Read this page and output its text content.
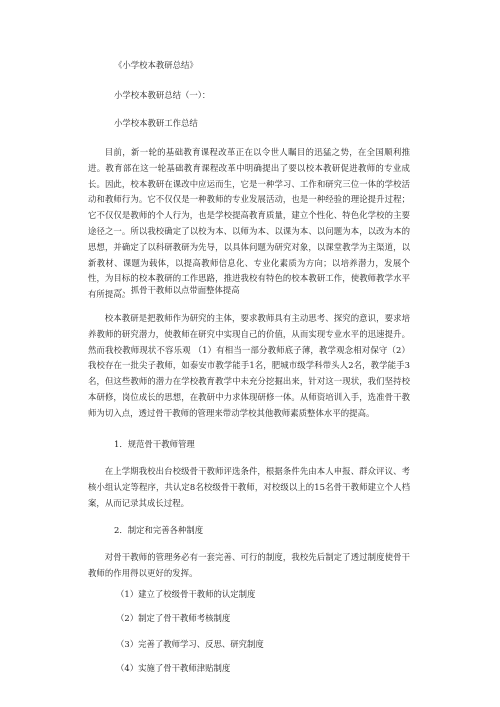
《小学校本教研总结》
小学校本教研总结（一）：
小学校本教研工作总结
目前，新一轮的基础教育课程改革正在以令世人瞩目的迅猛之势，在全国顺利推进。教育部在这一轮基础教育课程改革中明确提出了要以校本教研促进教师的专业成长。因此，校本教研在课改中应运而生，它是一种学习、工作和研究三位一体的学校活动和教师行为。它不仅仅是一种教师的专业发展活动，也是一种经验的理论提升过程；它不仅仅是教师的个人行为，也是学校提高教育质量，建立个性化、特色化学校的主要途径之一。所以我校确定了以校为本、以师为本、以课为本、以问题为本，以改为本的思想，并确定了以科研教研为先导，以具体问题为研究对象，以课堂教学为主渠道，以新教材、课题为载体，以提高教师信息化、专业化素质为方向；以培养潜力，发展个性，为目标的校本教研的工作思路，推进我校有特色的校本教研工作，使教师教学水平有所提高。
一、抓骨干教师以点带面整体提高
校本教研是把教师作为研究的主体，要求教师具有主动思考、探究的意识，要求培养教师的研究潜力，使教师在研究中实现自己的价值，从而实现专业水平的迅速提升。然而我校教师现状不容乐观 （1）有相当一部分教师底子薄，教学观念相对保守（2）我校存在一批尖子教师，如泰安市教学能手1名，肥城市级学科带头人2名，教学能手3名，但这些教师的潜力在学校教育教学中未充分挖掘出来，针对这一现状，我们坚持校本研修，岗位成长的思想，在教研中力求体现研修一体。从师资培训入手，选准骨干教师为切入点，透过骨干教师的管理来带动学校其他教师素质整体水平的提高。
1．规范骨干教师管理
在上学期我校出台校级骨干教师评选条件，根据条件先由本人申报、群众评议、考核小组认定等程序，共认定8名校级骨干教师，对校级以上的15名骨干教师建立个人档案，从而记录其成长过程。
2．制定和完善各种制度
对骨干教师的管理务必有一套完善、可行的制度，我校先后制定了透过制度使骨干教师的作用得以更好的发挥。
（1）建立了校级骨干教师的认定制度
（2）制定了骨干教师考核制度
（3）完善了教师学习、反思、研究制度
（4）实施了骨干教师津贴制度
